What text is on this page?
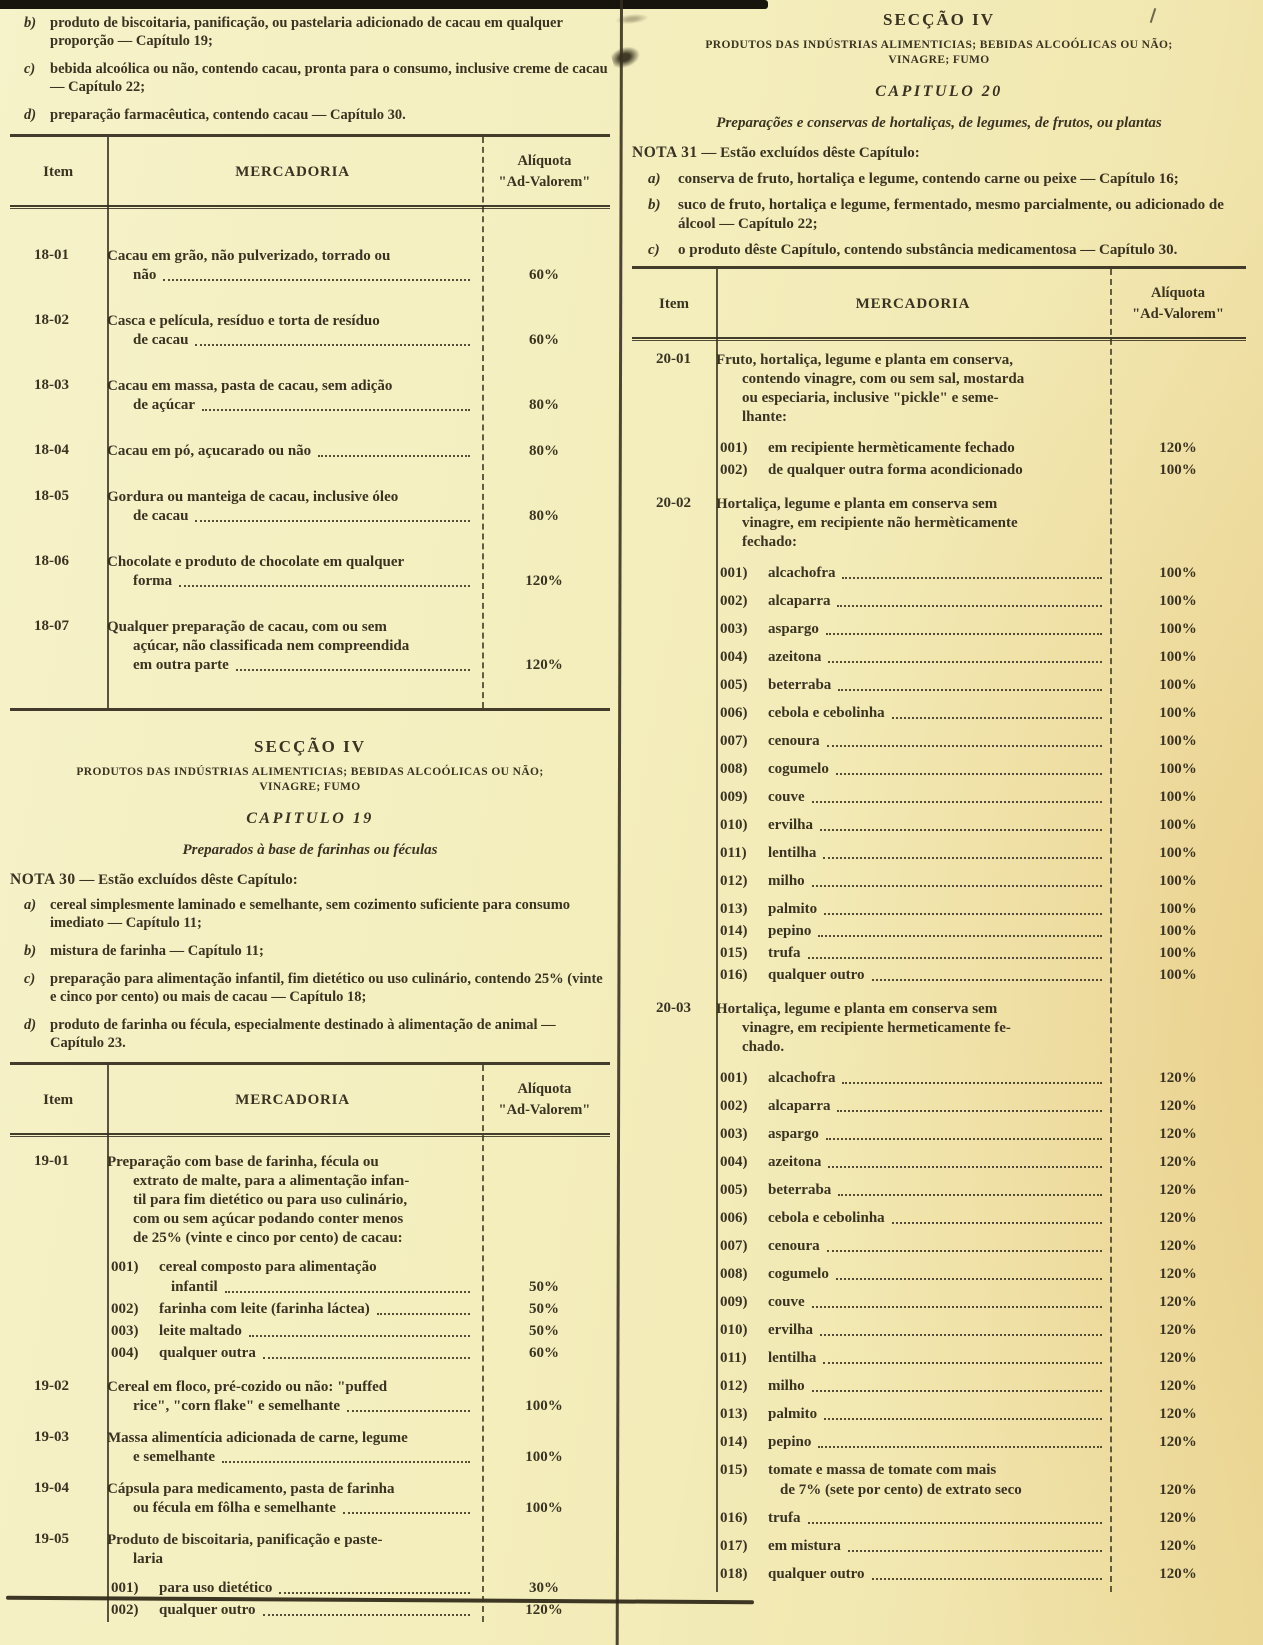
b) produto de biscoitaria, panificação, ou pastelaria adicionado de cacau em qualquer proporção — Capítulo 19;
c)	bebida alcoólica ou não, contendo cacau, pronta para o consumo, inclusive creme de cacau — Capítulo 22;
d) preparação farmacêutica, contendo cacau — Capítulo 30.
Item	MERCADORIA
Alíquota
"Ad-Valorem"
18-01	Cacau em grão, não pulverizado, torrado ou
não	60%
18-02	Casca e película, resíduo e torta de resíduo
de cacau	60%
18-03	Cacau em massa, pasta de cacau, sem adição
de açúcar	80%
18-04	Cacau em pó, açucarado ou não	80%
18-05	Gordura ou manteiga de cacau, inclusive óleo
de cacau	80%
18-06	Chocolate e produto de chocolate em qualquer
forma	120%
18-07	Qualquer preparação de cacau, com ou sem
açúcar, não classificada nem compreendida
em outra parte	120%
SECÇÃO IV
PRODUTOS DAS INDÚSTRIAS ALIMENTICIAS; BEBIDAS ALCOÓLICAS OU NÃO;
VINAGRE; FUMO
CAPITULO 19
Preparados à base de farinhas ou féculas
NOTA 30 — Estão excluídos dêste Capítulo:
a) cereal simplesmente laminado e semelhante, sem cozimento suficiente para consumo imediato — Capítulo 11;
b) mistura de farinha — Capítulo 11;
c)	preparação para alimentação infantil, fim dietético ou uso culinário, contendo 25% (vinte e cinco por cento) ou mais de cacau — Capítulo 18;
d) produto de farinha ou fécula, especialmente destinado à alimentação de animal — Capítulo 23.
Item	MERCADORIA
Alíquota
"Ad-Valorem"
19-01	Preparação com base de farinha, fécula ou
extrato de malte, para a alimentação infan-
til para fim dietético ou para uso culinário,
com ou sem açúcar podando conter menos
de 25% (vinte e cinco por cento) de cacau:
001)	cereal composto para alimentação
infantil	50%
002)	farinha com leite (farinha láctea)	50%
003)	leite maltado	50%
004)	qualquer outra	60%
19-02	Cereal em floco, pré-cozido ou não: "puffed
rice", "corn flake" e semelhante	100%
19-03	Massa alimentícia adicionada de carne, legume
e semelhante	100%
19-04	Cápsula para medicamento, pasta de farinha
ou fécula em fôlha e semelhante	100%
19-05	Produto de biscoitaria, panificação e paste-
laria
001)	para uso dietético	30%
002)	qualquer outro	120%
SECÇÃO IV
PRODUTOS DAS INDÚSTRIAS ALIMENTICIAS; BEBIDAS ALCOÓLICAS OU NÃO;
VINAGRE; FUMO
CAPITULO 20
Preparações e conservas de hortaliças, de legumes, de frutos, ou plantas
NOTA 31 — Estão excluídos dêste Capítulo:
a)	conserva de fruto, hortaliça e legume, contendo carne ou peixe — Capítulo 16;
b)	suco de fruto, hortaliça e legume, fermentado, mesmo parcialmente, ou adicionado de álcool — Capítulo 22;
c)	o produto dêste Capítulo, contendo substância medicamentosa — Capítulo 30.
Item	MERCADORIA
Alíquota
"Ad-Valorem"
20-01	Fruto, hortaliça, legume e planta em conserva,
contendo vinagre, com ou sem sal, mostarda
ou especiaria, inclusive "pickle" e seme-
lhante:
001)	em recipiente hermèticamente fechado	120%
002)	de qualquer outra forma acondicionado	100%
20-02	Hortaliça, legume e planta em conserva sem
vinagre, em recipiente não hermèticamente
fechado:
001)	alcachofra	100%
002)	alcaparra	100%
003)	aspargo	100%
004)	azeitona	100%
005)	beterraba	100%
006)	cebola e cebolinha	100%
007)	cenoura	100%
008)	cogumelo	100%
009)	couve	100%
010)	ervilha	100%
011)	lentilha	100%
012)	milho	100%
013)	palmito	100%
014)	pepino	100%
015)	trufa	100%
016)	qualquer outro	100%
20-03	Hortaliça, legume e planta em conserva sem
vinagre, em recipiente hermeticamente fe-
chado.
001)	alcachofra	120%
002)	alcaparra	120%
003)	aspargo	120%
004)	azeitona	120%
005)	beterraba	120%
006)	cebola e cebolinha	120%
007)	cenoura	120%
008)	cogumelo	120%
009)	couve	120%
010)	ervilha	120%
011)	lentilha	120%
012)	milho	120%
013)	palmito	120%
014)	pepino	120%
015)	tomate e massa de tomate com mais
de 7% (sete por cento) de extrato seco	120%
016)	trufa	120%
017)	em mistura	120%
018)	qualquer outro	120%
